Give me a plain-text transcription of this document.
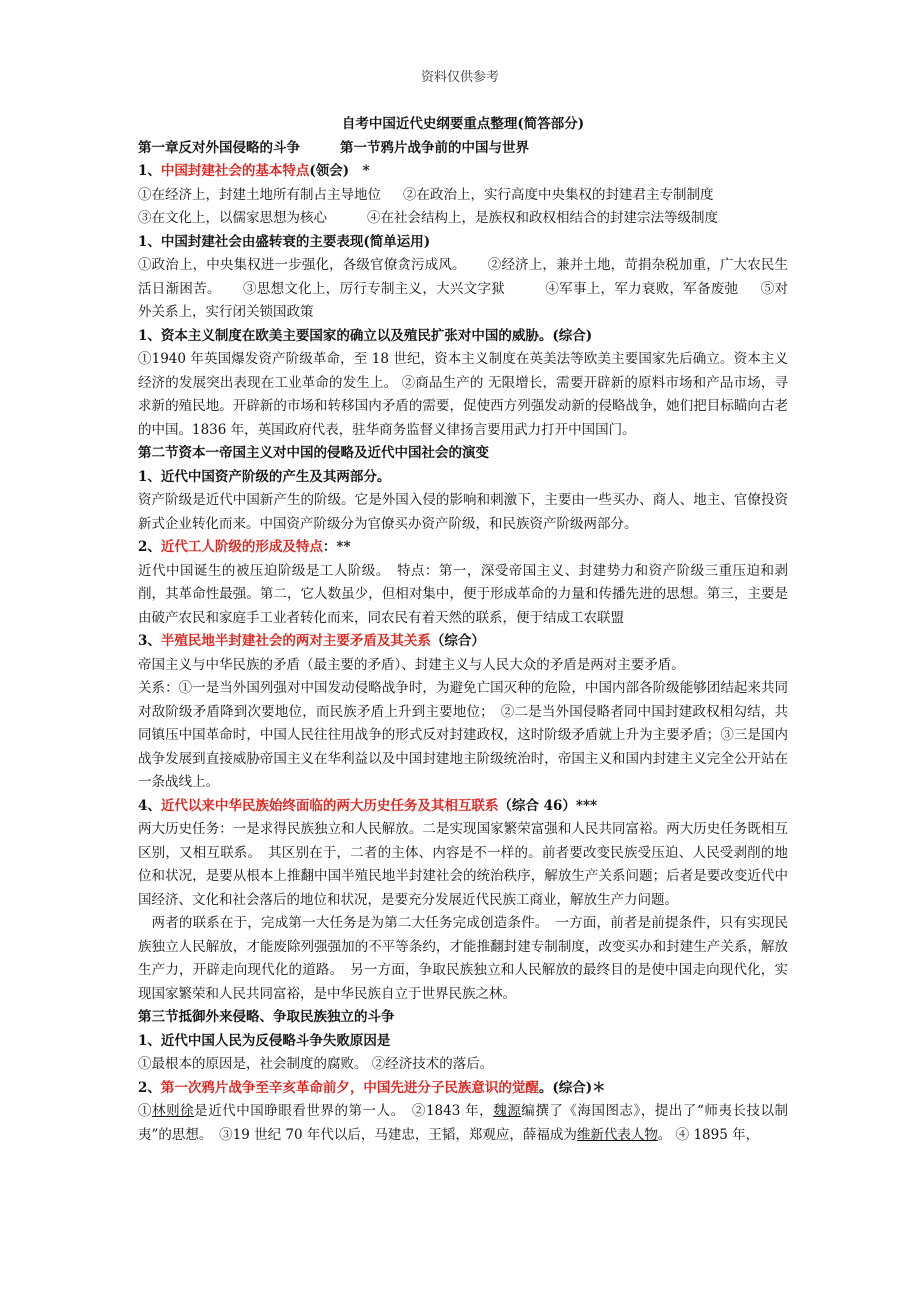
资料仅供参考

自考中国近代史纲要重点整理(简答部分)

第一章反对外国侵略的斗争	第一节鸦片战争前的中国与世界

1、中国封建社会的基本特点(领会)　*

①在经济上，封建土地所有制占主导地位 ②在政治上，实行高度中央集权的封建君主专制制度

③在文化上，以儒家思想为核心	④在社会结构上，是族权和政权相结合的封建宗法等级制度

1、中国封建社会由盛转衰的主要表现(简单运用)

①政治上，中央集权进一步强化，各级官僚贪污成风。 ②经济上，兼并土地，苛捐杂税加重，广大农民生活日渐困苦。 ③思想文化上，厉行专制主义，大兴文字狱	④军事上，军力衰败，军备废弛 ⑤对外关系上，实行闭关锁国政策

1、资本主义制度在欧美主要国家的确立以及殖民扩张对中国的威胁。(综合)

①1940 年英国爆发资产阶级革命，至 18 世纪，资本主义制度在英美法等欧美主要国家先后确立。资本主义经济的发展突出表现在工业革命的发生上。 ②商品生产的 无限增长，需要开辟新的原料市场和产品市场，寻求新的殖民地。开辟新的市场和转移国内矛盾的需要，促使西方列强发动新的侵略战争，她们把目标瞄向古老的中国。1836 年，英国政府代表，驻华商务监督义律扬言要用武力打开中国国门。

第二节资本一帝国主义对中国的侵略及近代中国社会的演变

1、近代中国资产阶级的产生及其两部分。

资产阶级是近代中国新产生的阶级。它是外国入侵的影响和刺激下，主要由一些买办、商人、地主、官僚投资新式企业转化而来。中国资产阶级分为官僚买办资产阶级，和民族资产阶级两部分。

2、近代工人阶级的形成及特点：**

近代中国诞生的被压迫阶级是工人阶级。　特点：第一，深受帝国主义、封建势力和资产阶级三重压迫和剥削，其革命性最强。第二，它人数虽少，但相对集中，便于形成革命的力量和传播先进的思想。第三，主要是由破产农民和家庭手工业者转化而来，同农民有着天然的联系，便于结成工农联盟

3、半殖民地半封建社会的两对主要矛盾及其关系（综合）

帝国主义与中华民族的矛盾（最主要的矛盾）、封建主义与人民大众的矛盾是两对主要矛盾。

关系：①一是当外国列强对中国发动侵略战争时，为避免亡国灭种的危险，中国内部各阶级能够团结起来共同对敌阶级矛盾降到次要地位，而民族矛盾上升到主要地位；　②二是当外国侵略者同中国封建政权相勾结，共同镇压中国革命时，中国人民往往用战争的形式反对封建政权，这时阶级矛盾就上升为主要矛盾；③三是国内战争发展到直接威胁帝国主义在华利益以及中国封建地主阶级统治时，帝国主义和国内封建主义完全公开站在一条战线上。

4、近代以来中华民族始终面临的两大历史任务及其相互联系（综合 46）***

两大历史任务：一是求得民族独立和人民解放。二是实现国家繁荣富强和人民共同富裕。两大历史任务既相互区别，又相互联系。　其区别在于，二者的主体、内容是不一样的。前者要改变民族受压迫、人民受剥削的地位和状况，是要从根本上推翻中国半殖民地半封建社会的统治秩序，解放生产关系问题；后者是要改变近代中国经济、文化和社会落后的地位和状况，是要充分发展近代民族工商业，解放生产力问题。

两者的联系在于，完成第一大任务是为第二大任务完成创造条件。　一方面，前者是前提条件，只有实现民族独立人民解放，才能废除列强强加的不平等条约，才能推翻封建专制制度，改变买办和封建生产关系，解放生产力，开辟走向现代化的道路。　另一方面，争取民族独立和人民解放的最终目的是使中国走向现代化，实现国家繁荣和人民共同富裕，是中华民族自立于世界民族之林。

第三节抵御外来侵略、争取民族独立的斗争

1、近代中国人民为反侵略斗争失败原因是

①最根本的原因是，社会制度的腐败。 ②经济技术的落后。

2、第一次鸦片战争至辛亥革命前夕，中国先进分子民族意识的觉醒。(综合)＊

①林则徐是近代中国睁眼看世界的第一人。　②1843 年，魏源编撰了《海国图志》，提出了“师夷长技以制夷”的思想。　③19 世纪 70 年代以后，马建忠，王韬，郑观应，薛福成为维新代表人物。 ④ 1895 年，
